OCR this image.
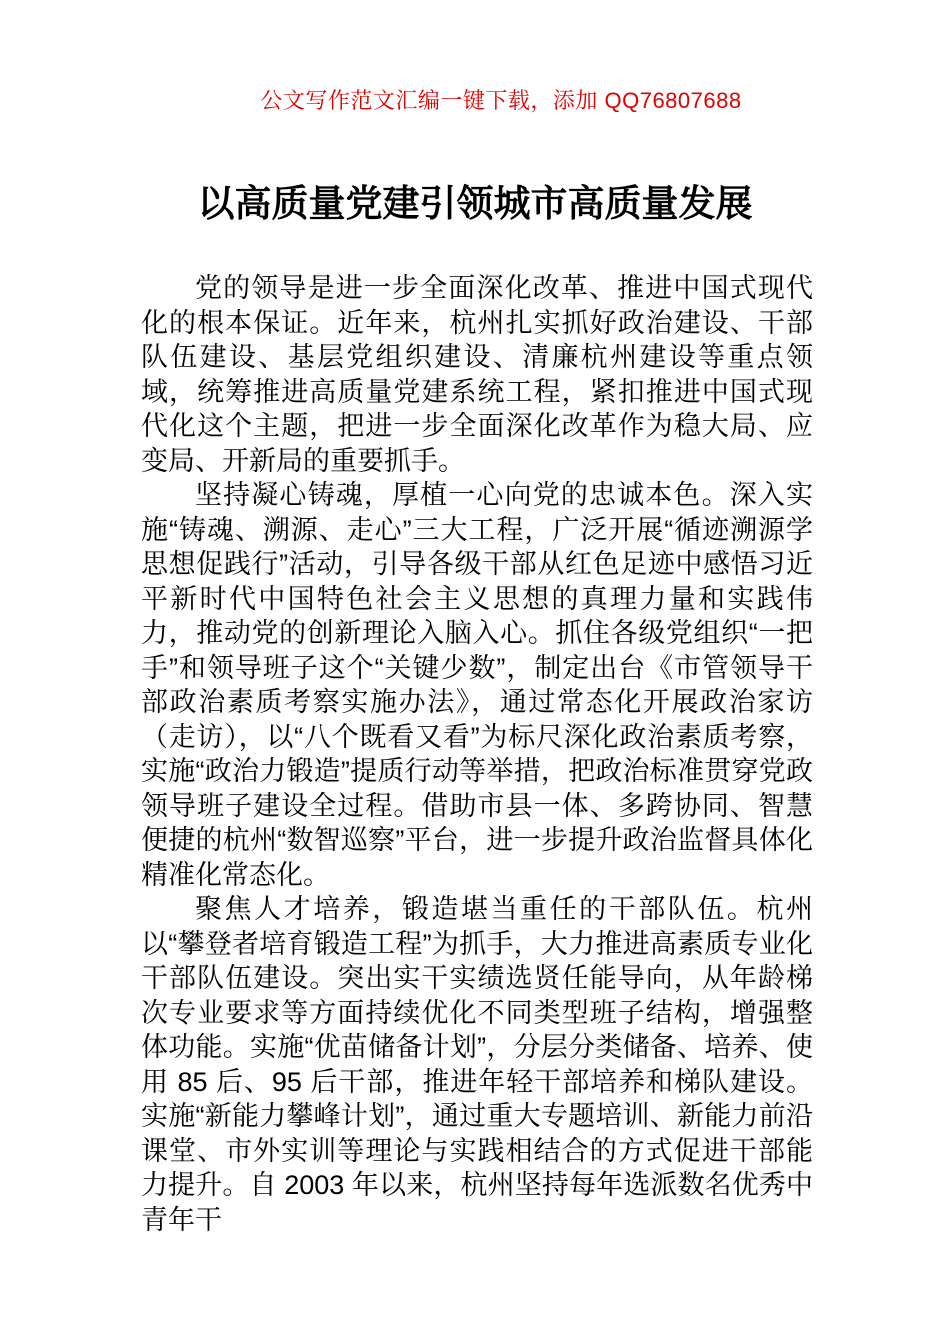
公文写作范文汇编一键下载，添加 QQ76807688
以高质量党建引领城市高质量发展

党的领导是进一步全面深化改革、推进中国式现代化的根本保证。近年来，杭州扎实抓好政治建设、干部队伍建设、基层党组织建设、清廉杭州建设等重点领域，统筹推进高质量党建系统工程，紧扣推进中国式现代化这个主题，把进一步全面深化改革作为稳大局、应变局、开新局的重要抓手。

坚持凝心铸魂，厚植一心向党的忠诚本色。深入实施“铸魂、溯源、走心”三大工程，广泛开展“循迹溯源学思想促践行”活动，引导各级干部从红色足迹中感悟习近平新时代中国特色社会主义思想的真理力量和实践伟力，推动党的创新理论入脑入心。抓住各级党组织“一把手”和领导班子这个“关键少数”，制定出台《市管领导干部政治素质考察实施办法》，通过常态化开展政治家访（走访），以“八个既看又看”为标尺深化政治素质考察，实施“政治力锻造”提质行动等举措，把政治标准贯穿党政领导班子建设全过程。借助市县一体、多跨协同、智慧便捷的杭州“数智巡察”平台，进一步提升政治监督具体化精准化常态化。

聚焦人才培养，锻造堪当重任的干部队伍。杭州以“攀登者培育锻造工程”为抓手，大力推进高素质专业化干部队伍建设。突出实干实绩选贤任能导向，从年龄梯次专业要求等方面持续优化不同类型班子结构，增强整体功能。实施“优苗储备计划”，分层分类储备、培养、使用 85 后、95 后干部，推进年轻干部培养和梯队建设。实施“新能力攀峰计划”，通过重大专题培训、新能力前沿课堂、市外实训等理论与实践相结合的方式促进干部能力提升。自 2003 年以来，杭州坚持每年选派数名优秀中青年干
